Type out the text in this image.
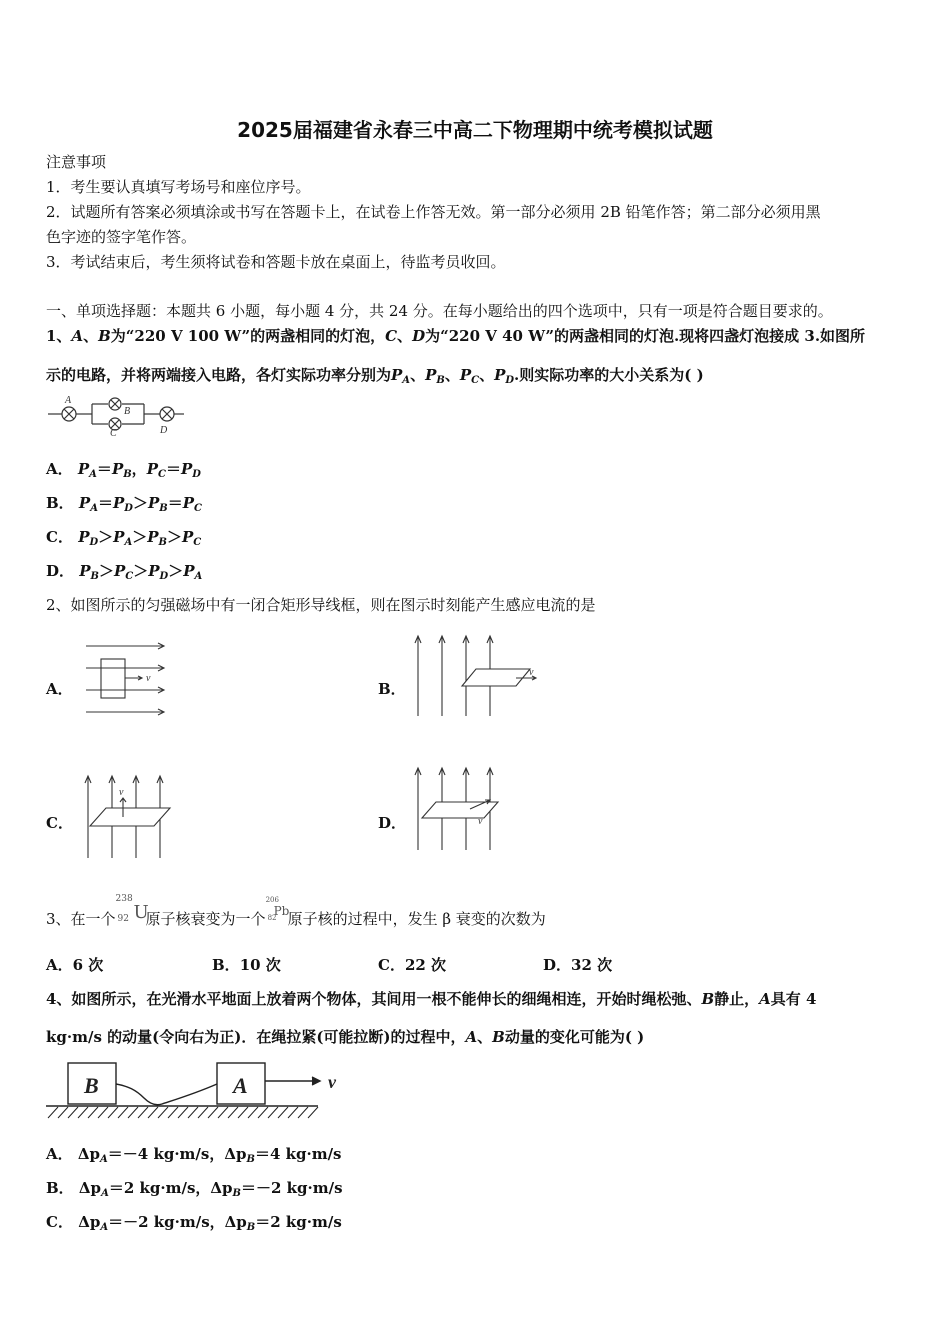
2025届福建省永春三中高二下物理期中统考模拟试题
注意事项
1．考生要认真填写考场号和座位序号。
2．试题所有答案必须填涂或书写在答题卡上，在试卷上作答无效。第一部分必须用 2B 铅笔作答；第二部分必须用黑
色字迹的签字笔作答。
3．考试结束后，考生须将试卷和答题卡放在桌面上，待监考员收回。
一、单项选择题：本题共 6 小题，每小题 4 分，共 24 分。在每小题给出的四个选项中，只有一项是符合题目要求的。
1、A、B为“220 V 100 W”的两盏相同的灯泡，C、D为“220 V 40 W”的两盏相同的灯泡.现将四盏灯泡接成 3.如图所
示的电路，并将两端接入电路，各灯实际功率分别为$P_A$、$P_B$、$P_C$、$P_D$.则实际功率的大小关系为( )
A
B
C	D
A． $P_A=P_B$，$P_C=P_D$
B． $P_A=P_D>P_B=P_C$
C． $P_D>P_A>P_B>P_C$
D． $P_B>P_C>P_D>P_A$
2、如图所示的匀强磁场中有一闭合矩形导线框，则在图示时刻能产生感应电流的是
A．
v
B．
v
C．
v
D．	v
3、在一个
238
92 U
原子核衰变为一个
206
82
Pb
原子核的过程中，发生 β 衰变的次数为
A．6 次	B．10 次	C．22 次	D．32 次
4、如图所示，在光滑水平地面上放着两个物体，其间用一根不能伸长的细绳相连，开始时绳松弛、B静止，A具有 4
kg·m/s 的动量(令向右为正)．在绳拉紧(可能拉断)的过程中，A、B动量的变化可能为( )
B	A	v
A． $\Delta p_A=-4$ kg·m/s，$\Delta p_B=4$ kg·m/s
B． $\Delta p_A=2$ kg·m/s，$\Delta p_B=-2$ kg·m/s
C． $\Delta p_A=-2$ kg·m/s，$\Delta p_B=2$ kg·m/s
